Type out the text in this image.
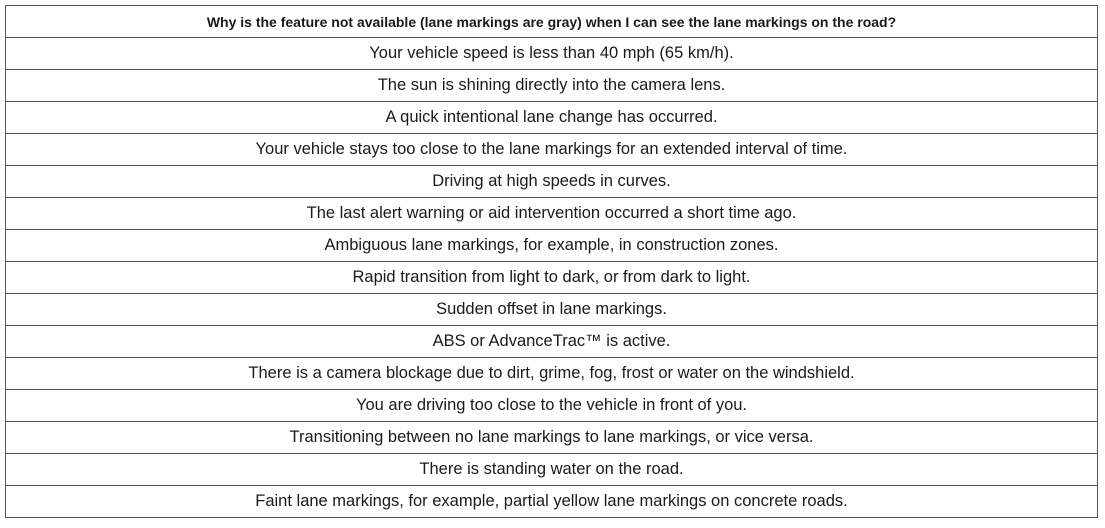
Why is the feature not available (lane markings are gray) when I can see the lane markings on the road?
Your vehicle speed is less than 40 mph (65 km/h).
The sun is shining directly into the camera lens.
A quick intentional lane change has occurred.
Your vehicle stays too close to the lane markings for an extended interval of time.
Driving at high speeds in curves.
The last alert warning or aid intervention occurred a short time ago.
Ambiguous lane markings, for example, in construction zones.
Rapid transition from light to dark, or from dark to light.
Sudden offset in lane markings.
ABS or AdvanceTrac™ is active.
There is a camera blockage due to dirt, grime, fog, frost or water on the windshield.
You are driving too close to the vehicle in front of you.
Transitioning between no lane markings to lane markings, or vice versa.
There is standing water on the road.
Faint lane markings, for example, partial yellow lane markings on concrete roads.
